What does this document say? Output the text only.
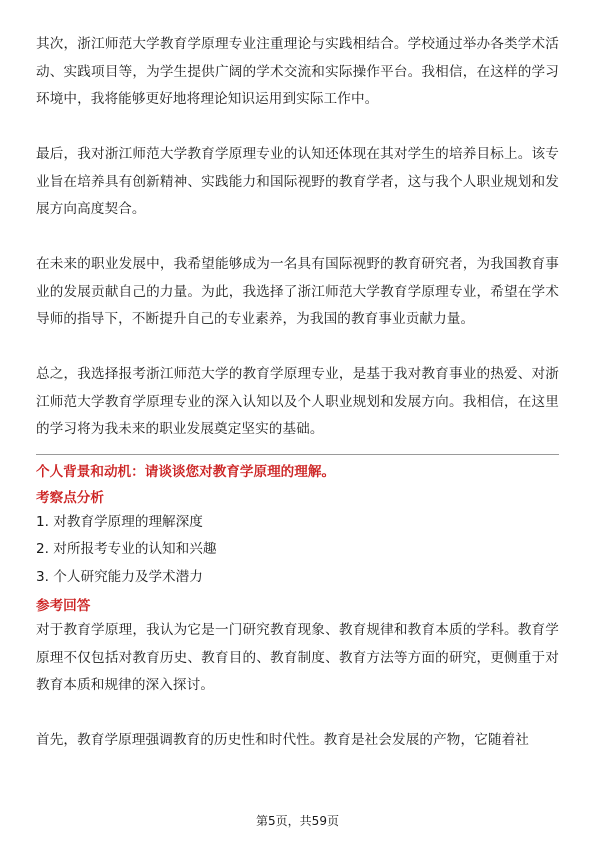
其次，浙江师范大学教育学原理专业注重理论与实践相结合。学校通过举办各类学术活动、实践项目等，为学生提供广阔的学术交流和实际操作平台。我相信，在这样的学习环境中，我将能够更好地将理论知识运用到实际工作中。

最后，我对浙江师范大学教育学原理专业的认知还体现在其对学生的培养目标上。该专业旨在培养具有创新精神、实践能力和国际视野的教育学者，这与我个人职业规划和发展方向高度契合。

在未来的职业发展中，我希望能够成为一名具有国际视野的教育研究者，为我国教育事业的发展贡献自己的力量。为此，我选择了浙江师范大学教育学原理专业，希望在学术导师的指导下，不断提升自己的专业素养，为我国的教育事业贡献力量。

总之，我选择报考浙江师范大学的教育学原理专业，是基于我对教育事业的热爱、对浙江师范大学教育学原理专业的深入认知以及个人职业规划和发展方向。我相信，在这里的学习将为我未来的职业发展奠定坚实的基础。

个人背景和动机：请谈谈您对教育学原理的理解。

考察点分析

1. 对教育学原理的理解深度

2. 对所报考专业的认知和兴趣

3. 个人研究能力及学术潜力

参考回答

对于教育学原理，我认为它是一门研究教育现象、教育规律和教育本质的学科。教育学原理不仅包括对教育历史、教育目的、教育制度、教育方法等方面的研究，更侧重于对教育本质和规律的深入探讨。

首先，教育学原理强调教育的历史性和时代性。教育是社会发展的产物，它随着社

第5页，共59页
